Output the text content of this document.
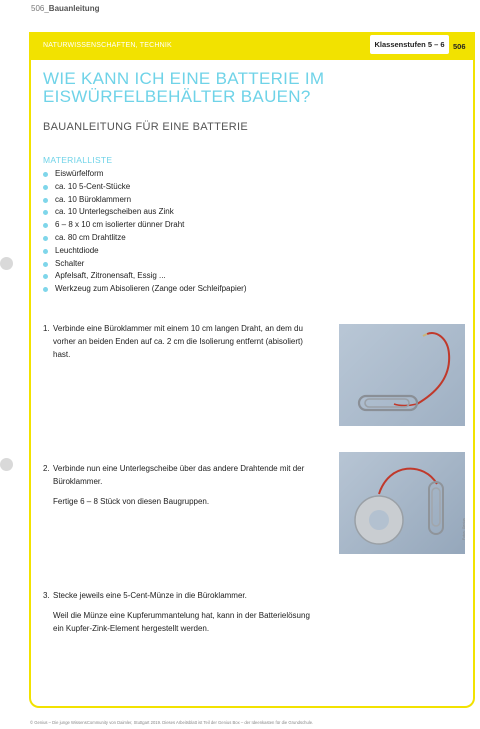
506_Bauanleitung
NATURWISSENSCHAFTEN, TECHNIK	Klassenstufen 5 – 6	506
WIE KANN ICH EINE BATTERIE IM EISWÜRFELBEHÄLTER BAUEN?
BAUANLEITUNG FÜR EINE BATTERIE
MATERIALLISTE
Eiswürfelform
ca. 10 5-Cent-Stücke
ca. 10 Büroklammern
ca. 10 Unterlegscheiben aus Zink
6 – 8 x 10 cm isolierter dünner Draht
ca. 80 cm Drahtlitze
Leuchtdiode
Schalter
Apfelsaft, Zitronensaft, Essig ...
Werkzeug zum Abisolieren (Zange oder Schleifpapier)
1. Verbinde eine Büroklammer mit einem 10 cm langen Draht, an dem du vorher an beiden Enden auf ca. 2 cm die Isolierung entfernt (abisoliert) hast.

2. Verbinde nun eine Unterlegscheibe über das andere Drahtende mit der Büroklammer.

Fertige 6 – 8 Stück von diesen Baugruppen.

3. Stecke jeweils eine 5-Cent-Münze in die Büroklammer.

Weil die Münze eine Kupferummantelung hat, kann in der Batterielösung ein Kupfer-Zink-Element hergestellt werden.

Fotos: Genius
© Genius – Die junge WissensCommunity von Daimler, Stuttgart 2019. Dieses Arbeitsblatt ist Teil der Genius Box – der Ideenkasten für die Grundschule.
